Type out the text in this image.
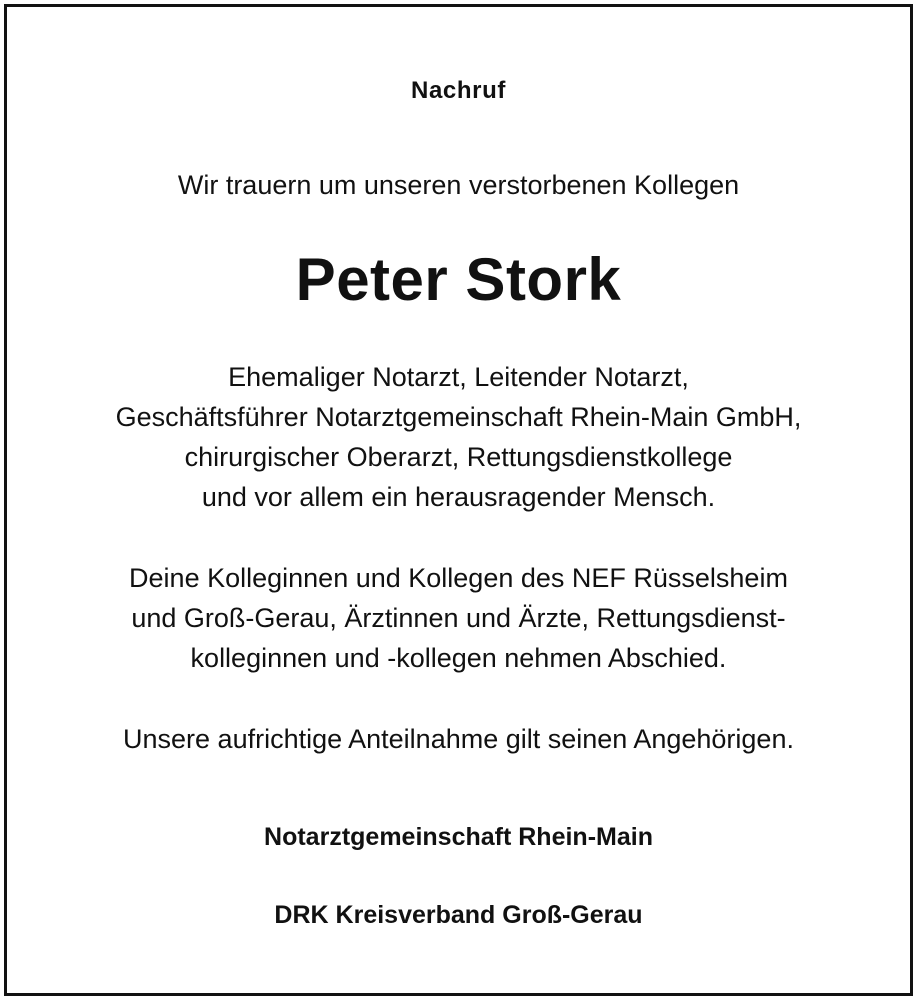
Nachruf

Wir trauern um unseren verstorbenen Kollegen

Peter Stork

Ehemaliger Notarzt, Leitender Notarzt,
Geschäftsführer Notarztgemeinschaft Rhein-Main GmbH,
chirurgischer Oberarzt, Rettungsdienstkollege
und vor allem ein herausragender Mensch.
Deine Kolleginnen und Kollegen des NEF Rüsselsheim
und Groß-Gerau, Ärztinnen und Ärzte, Rettungsdienst-
kolleginnen und -kollegen nehmen Abschied.
Unsere aufrichtige Anteilnahme gilt seinen Angehörigen.

Notarztgemeinschaft Rhein-Main

DRK Kreisverband Groß-Gerau
